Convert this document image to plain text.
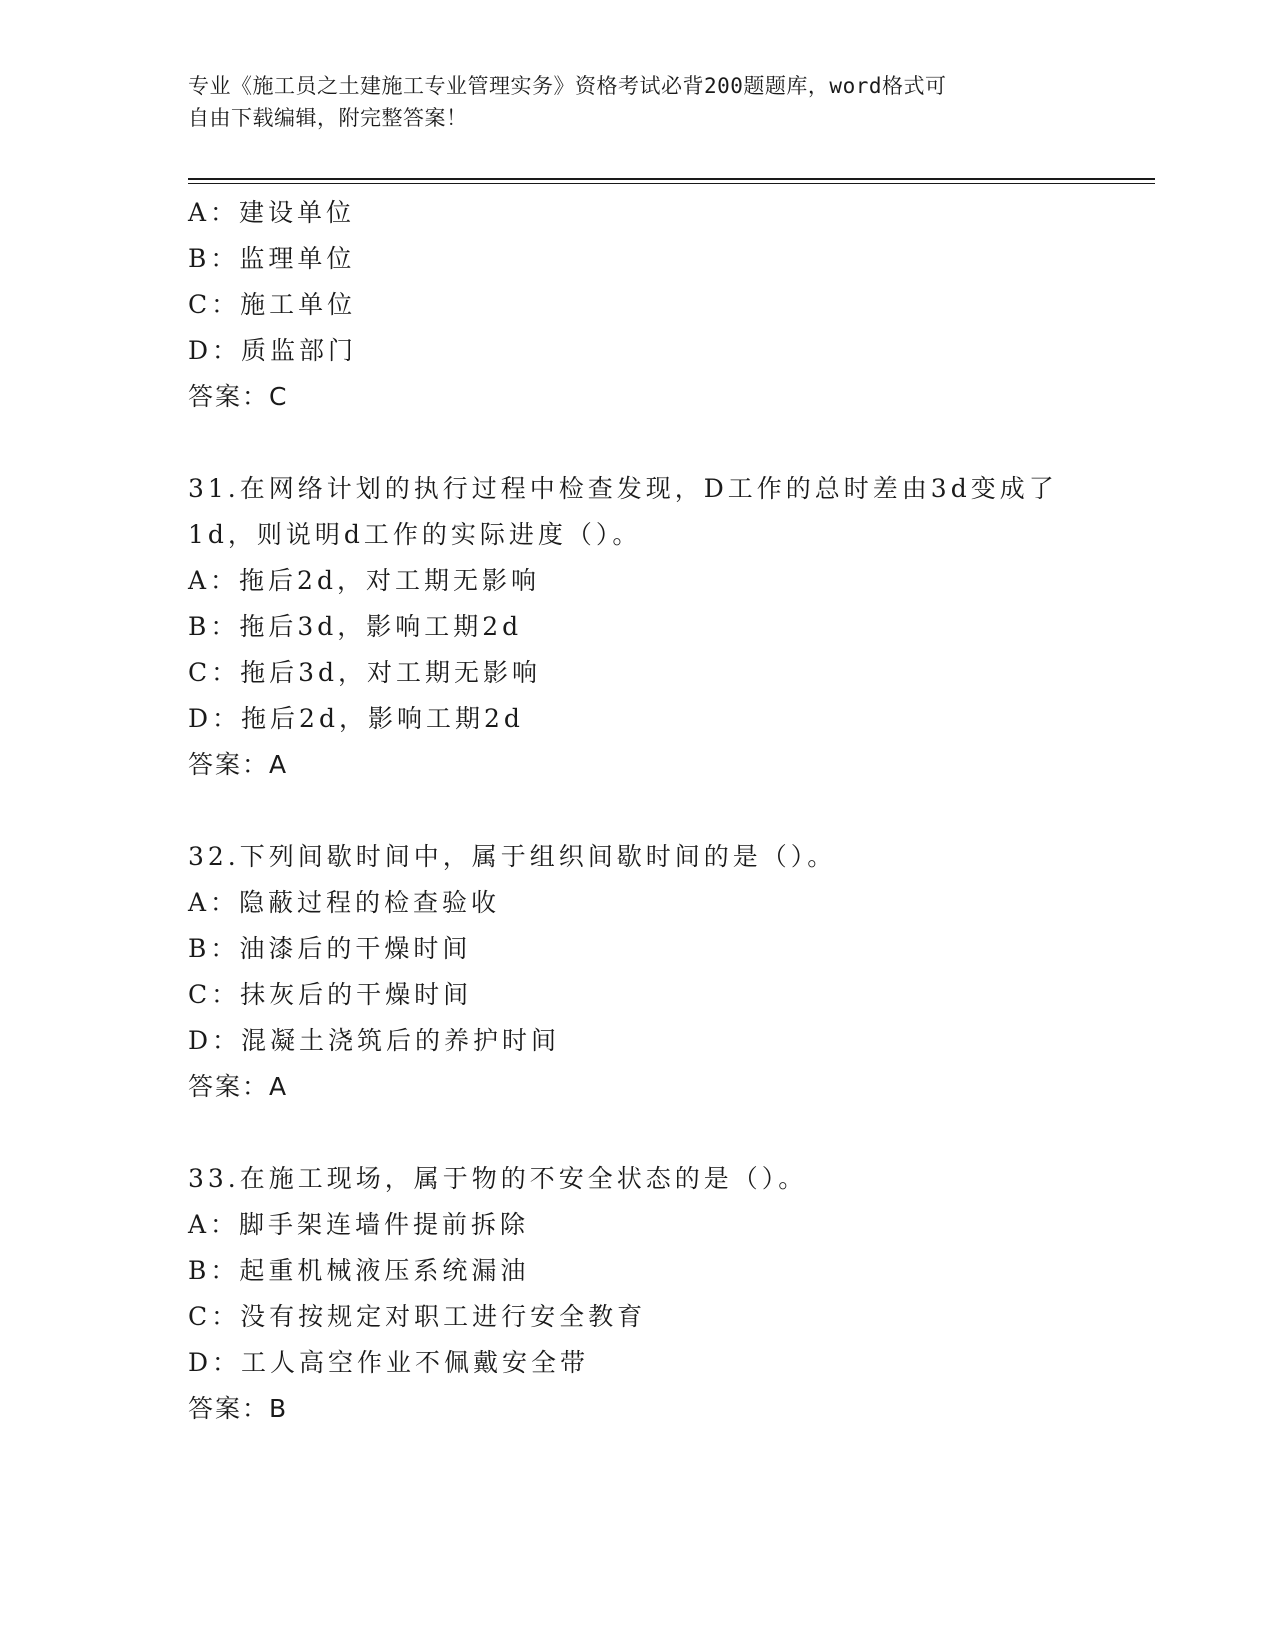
专业《施工员之土建施工专业管理实务》资格考试必背200题题库，word格式可
自由下载编辑，附完整答案！
A：建设单位
B：监理单位
C：施工单位
D：质监部门
答案：C
31.在网络计划的执行过程中检查发现，D工作的总时差由3d变成了
1d，则说明d工作的实际进度（）。
A：拖后2d，对工期无影响
B：拖后3d，影响工期2d
C：拖后3d，对工期无影响
D：拖后2d，影响工期2d
答案：A
32.下列间歇时间中，属于组织间歇时间的是（）。
A：隐蔽过程的检查验收
B：油漆后的干燥时间
C：抹灰后的干燥时间
D：混凝土浇筑后的养护时间
答案：A
33.在施工现场，属于物的不安全状态的是（）。
A：脚手架连墙件提前拆除
B：起重机械液压系统漏油
C：没有按规定对职工进行安全教育
D：工人高空作业不佩戴安全带
答案：B
